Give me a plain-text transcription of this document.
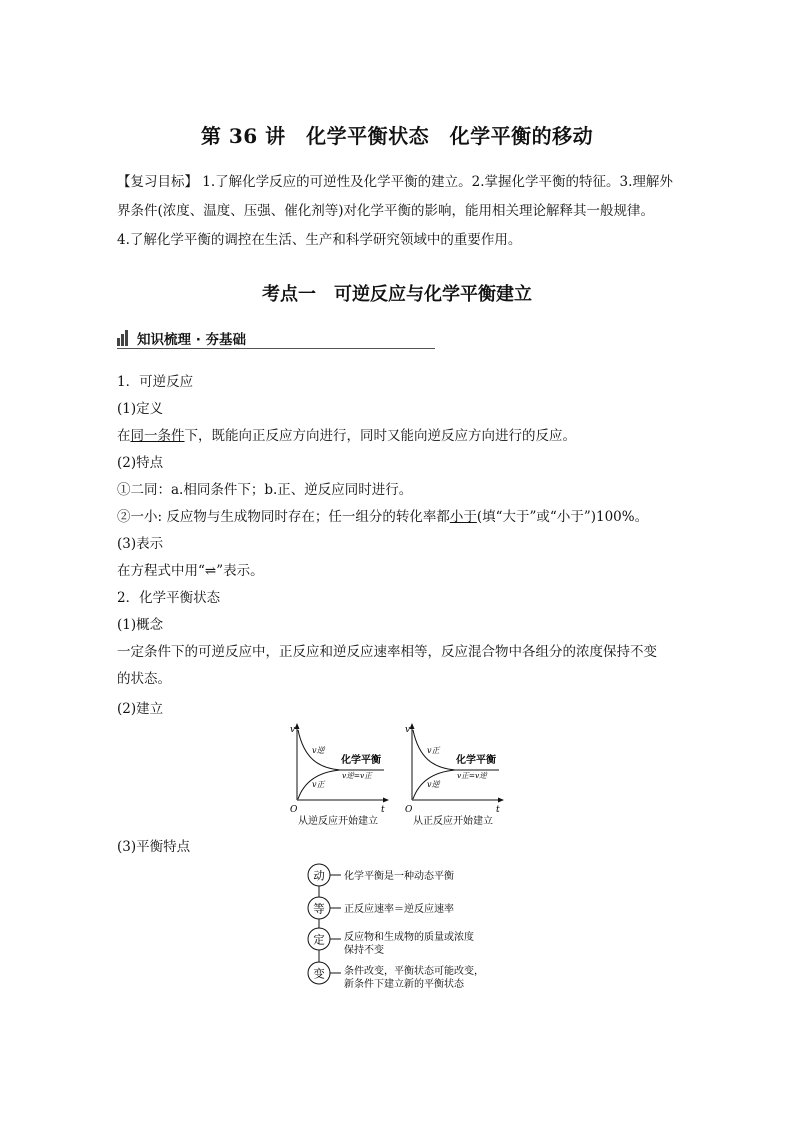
第 36 讲　化学平衡状态　化学平衡的移动
【复习目标】 1.了解化学反应的可逆性及化学平衡的建立。2.掌握化学平衡的特征。3.理解外
界条件(浓度、温度、压强、催化剂等)对化学平衡的影响，能用相关理论解释其一般规律。
4.了解化学平衡的调控在生活、生产和科学研究领域中的重要作用。
考点一　可逆反应与化学平衡建立
知识梳理 · 夯基础
1．可逆反应
(1)定义
在同一条件下，既能向正反应方向进行，同时又能向逆反应方向进行的反应。
(2)特点
①二同：a.相同条件下；b.正、逆反应同时进行。
②一小: 反应物与生成物同时存在；任一组分的转化率都小于(填“大于”或“小于”)100%。
(3)表示
在方程式中用“⇌”表示。
2．化学平衡状态
(1)概念
一定条件下的可逆反应中，正反应和逆反应速率相等，反应混合物中各组分的浓度保持不变
的状态。
(2)建立
v
t
O
v逆
v正
化学平衡
v逆=v正
从逆反应开始建立
v
t
O
v正
v逆
化学平衡
v正=v逆
从正反应开始建立
(3)平衡特点
动 化学平衡是一种动态平衡
等 正反应速率＝逆反应速率
定 反应物和生成物的质量或浓度
保持不变
变 条件改变，平衡状态可能改变，
新条件下建立新的平衡状态
